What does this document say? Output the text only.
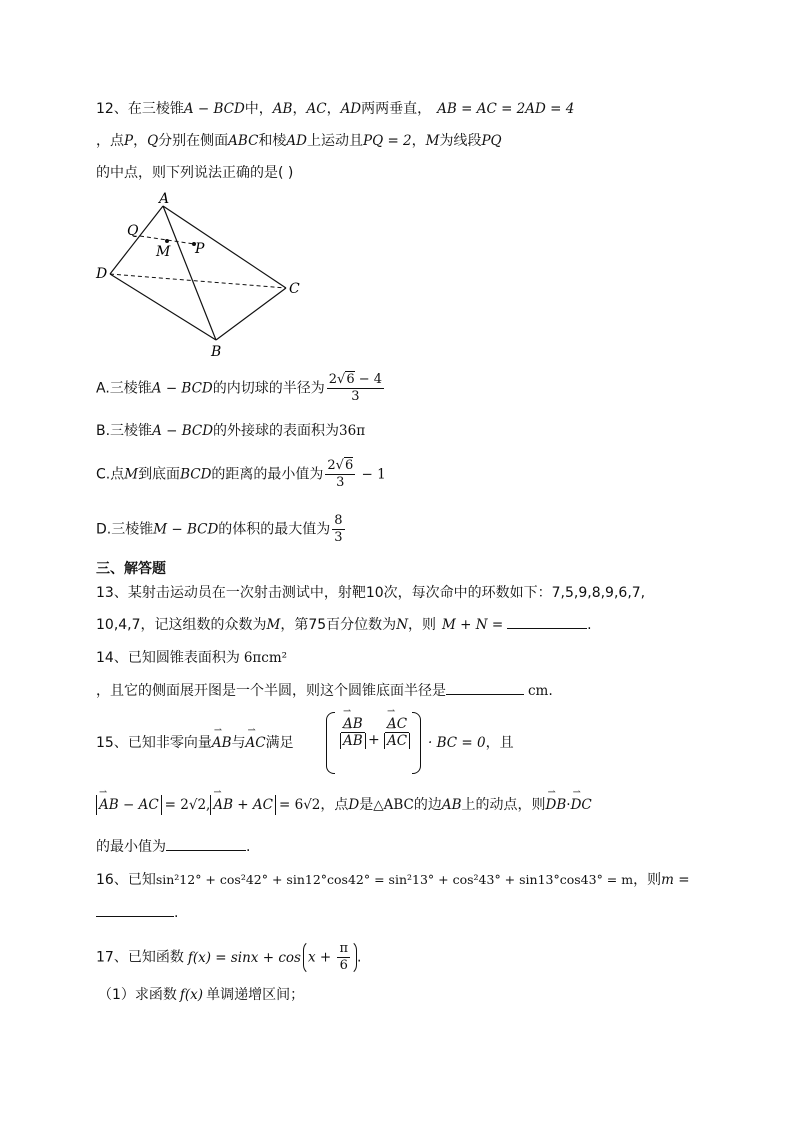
12、在三棱锥A − BCD中，AB，AC，AD两两垂直， AB = AC = 2AD = 4
，点P，Q分别在侧面ABC和棱AD上运动且PQ = 2，M为线段PQ
的中点，则下列说法正确的是( )
A
D
C
B
Q
M P
A.三棱锥A − BCD的内切球的半径为 $\frac{2√6 - 4}{3}$
B.三棱锥A − BCD的外接球的表面积为36π
C.点M到底面BCD的距离的最小值为 $\frac{2√6}{3} - 1$
D.三棱锥M − BCD的体积的最大值为 $\frac{8}{3}$
三、解答题
13、某射击运动员在一次射击测试中，射靶10次，每次命中的环数如下：7,5,9,8,9,6,7,
10,4,7，记这组数的众数为M，第75百分位数为N，则 M + N =	.
14、已知圆锥表面积为 6πcm²
，且它的侧面展开图是一个半圆，则这个圆锥底面半径是	cm.
15、已知非零向量⇀ AB与⇀ AC满足	⇀ AB
⇀ AB + ⇀ AC
⇀ AC · BC = 0，且
⇀ AB − AC = 2√2, ⇀ AB + AC = 6√2，点D是△ABC的边AB上的动点，则⇀ DB·⇀ DC
的最小值为	.
16、已知sin²12° + cos²42° + sin12°cos42° = sin²13° + cos²43° + sin13°cos43° = m，则m =
.
17、已知函数 $f(x) = \sin x + \cos x + \frac{\pi}{6}$ .
（1）求函数 f(x) 单调递增区间；
